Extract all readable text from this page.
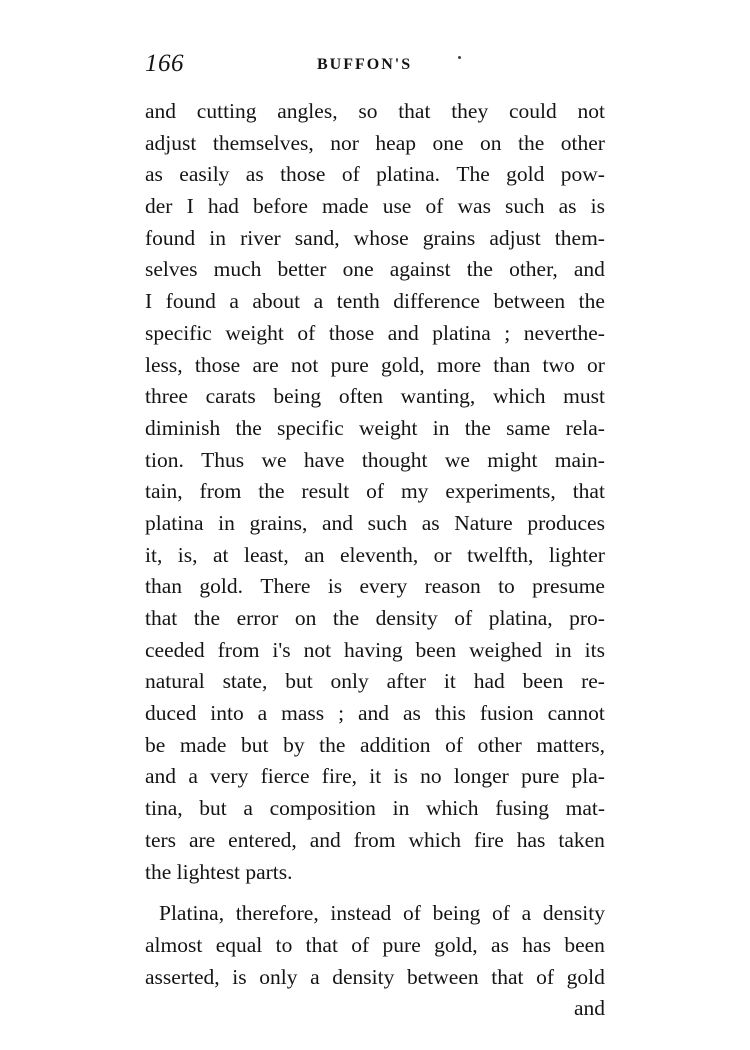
166	BUFFON'S
and cutting angles, so that they could not
adjust themselves, nor heap one on the other
as easily as those of platina. The gold pow-
der I had before made use of was such as is
found in river sand, whose grains adjust them-
selves much better one against the other, and
I found a about a tenth difference between the
specific weight of those and platina ; neverthe-
less, those are not pure gold, more than two or
three carats being often wanting, which must
diminish the specific weight in the same rela-
tion. Thus we have thought we might main-
tain, from the result of my experiments, that
platina in grains, and such as Nature produces
it, is, at least, an eleventh, or twelfth, lighter
than gold. There is every reason to presume
that the error on the density of platina, pro-
ceeded from i's not having been weighed in its
natural state, but only after it had been re-
duced into a mass ; and as this fusion cannot
be made but by the addition of other matters,
and a very fierce fire, it is no longer pure pla-
tina, but a composition in which fusing mat-
ters are entered, and from which fire has taken
the
lightest
parts.
Platina, therefore, instead of being of a density
almost equal to that of pure gold, as has been
asserted, is only a density between that of gold
and
